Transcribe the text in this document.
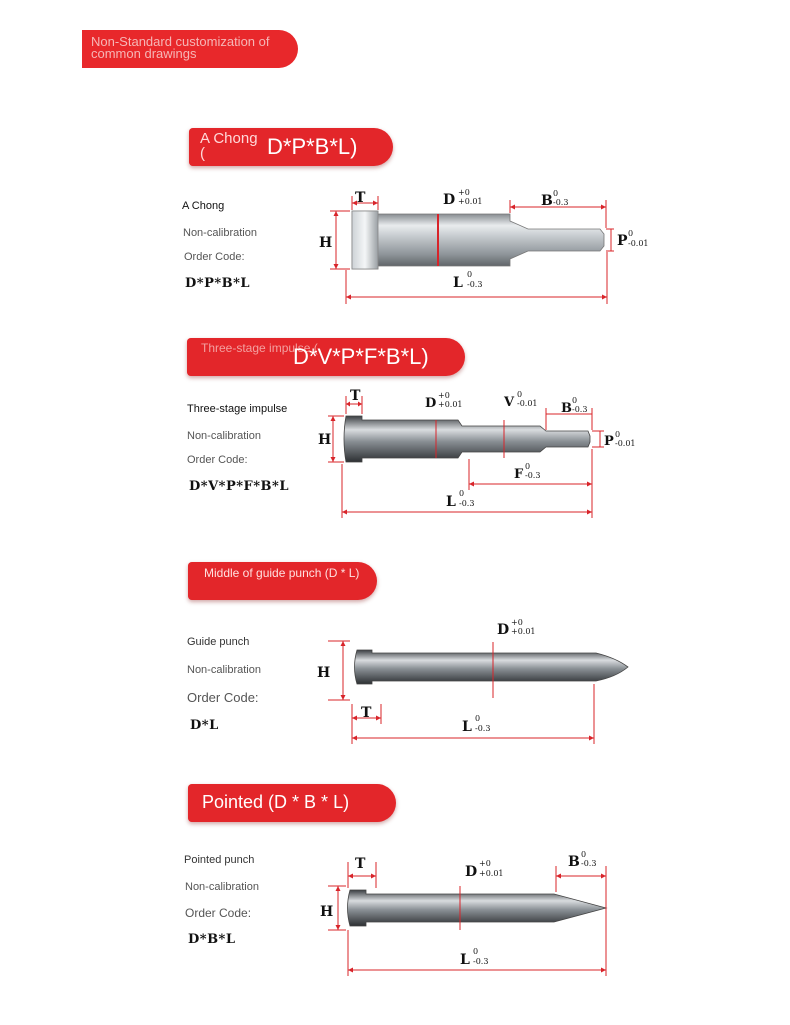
Non-Standard customization of common drawings
A Chong (	D*P*B*L)
A Chong
Non-calibration
Order Code:
D*P*B*L
Three-stage impulse (
D*V*P*F*B*L)
Three-stage impulse
Non-calibration
Order Code:
D*V*P*F*B*L
Middle of guide punch (D * L)
Guide punch
Non-calibration
Order Code:
D*L
Pointed (D * B * L)
Pointed punch
Non-calibration
Order Code:
D*B*L
T
H
D +0
+0.01	B 0
-0.3
P 0
-0.01
L
0
-0.3
T
H
D
+0
+0.01	V
0
-0.01 B
0
-0.3
P 0
-0.01
F
0
-0.3
L
0
-0.3
H
T
D +0
+0.01
L
0
-0.3
T
H
D
+0
+0.01
B 0
-0.3
L
0
-0.3
